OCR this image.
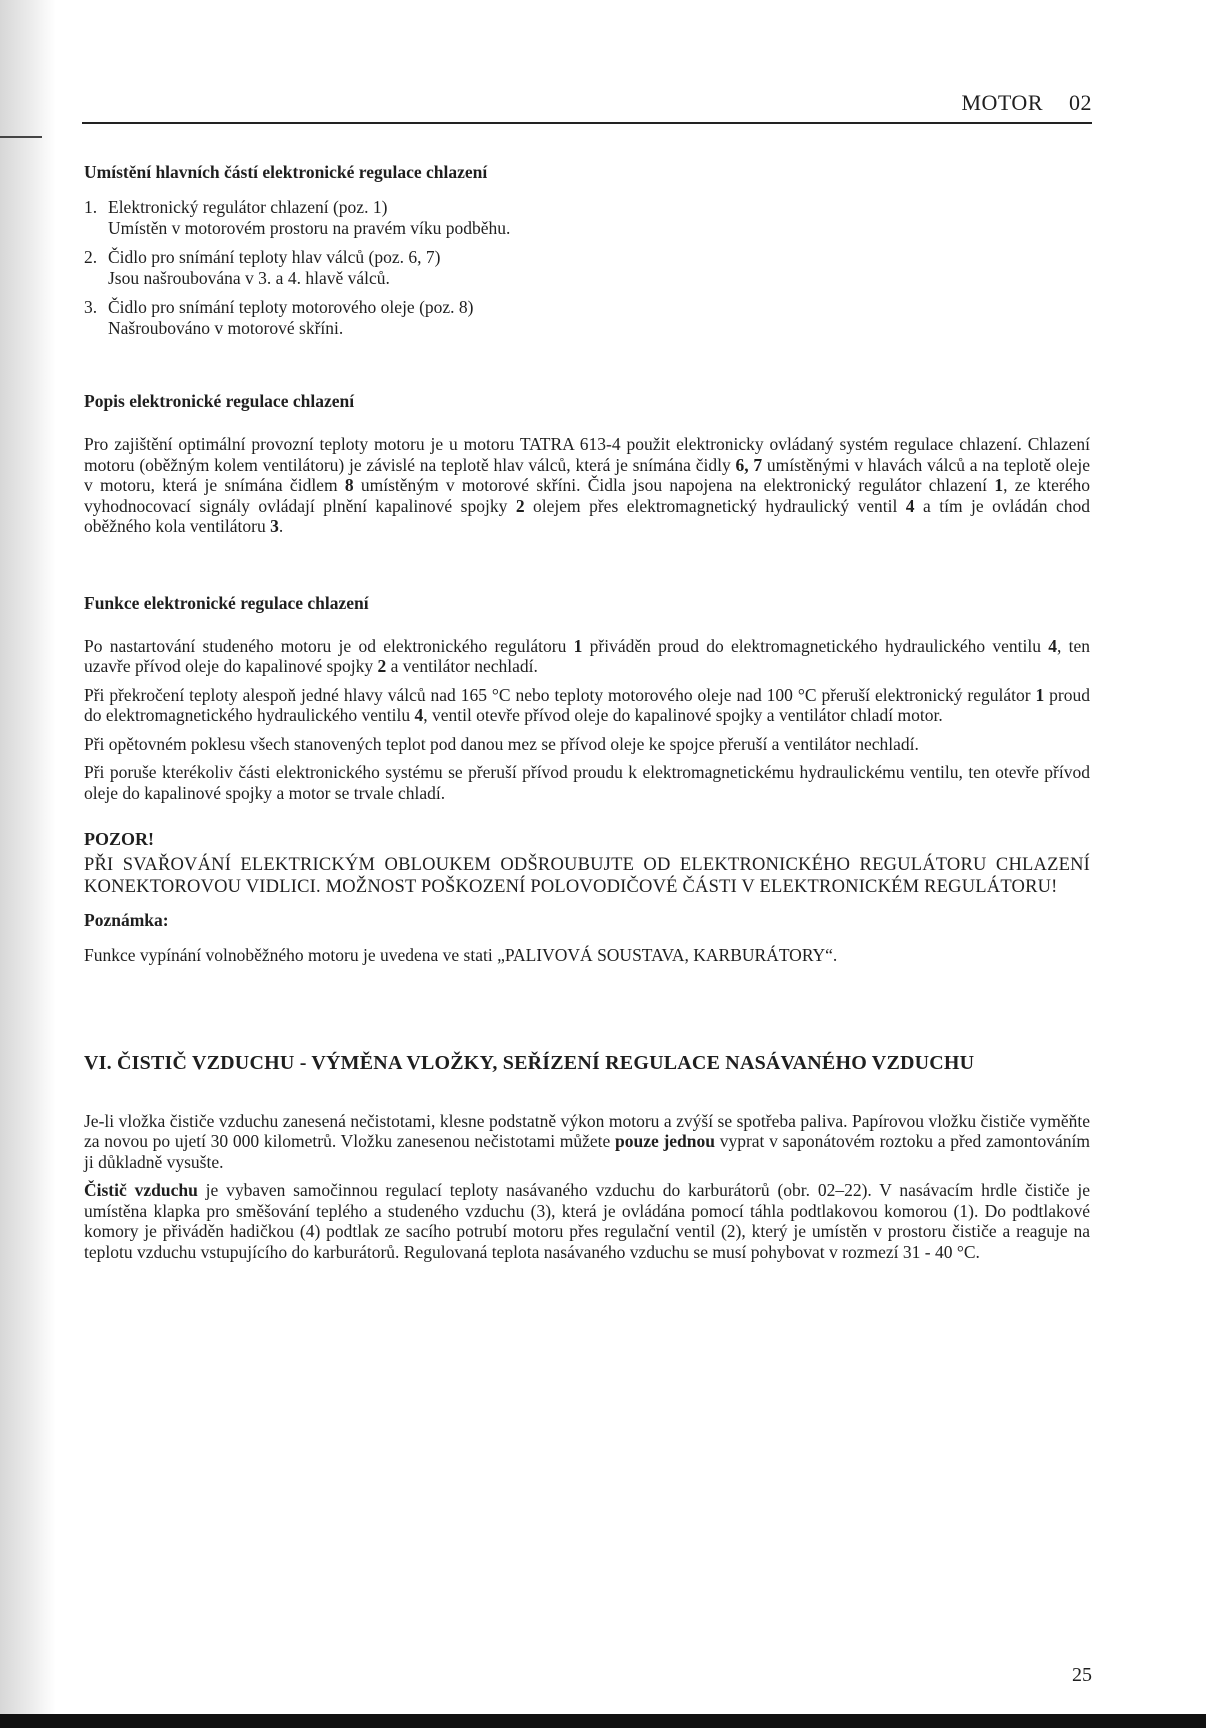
MOTOR 02
Umístění hlavních částí elektronické regulace chlazení
1. Elektronický regulátor chlazení (poz. 1)
Umístěn v motorovém prostoru na pravém víku podběhu.
2. Čidlo pro snímání teploty hlav válců (poz. 6, 7)
Jsou našroubována v 3. a 4. hlavě válců.
3. Čidlo pro snímání teploty motorového oleje (poz. 8)
Našroubováno v motorové skříni.
Popis elektronické regulace chlazení

Pro zajištění optimální provozní teploty motoru je u motoru TATRA 613-4 použit elektronicky ovládaný systém regulace chlazení. Chlazení motoru (oběžným kolem ventilátoru) je závislé na teplotě hlav válců, která je snímána čidly 6, 7 umístěnými v hlavách válců a na teplotě oleje v motoru, která je snímána čidlem 8 umístěným v motorové skříni. Čidla jsou napojena na elektronický regulátor chlazení 1, ze kterého vyhodnocovací signály ovládají plnění kapalinové spojky 2 olejem přes elektromagnetický hydraulický ventil 4 a tím je ovládán chod oběžného kola ventilátoru 3.

Funkce elektronické regulace chlazení

Po nastartování studeného motoru je od elektronického regulátoru 1 přiváděn proud do elektromagnetického hydraulického ventilu 4, ten uzavře přívod oleje do kapalinové spojky 2 a ventilátor nechladí.

Při překročení teploty alespoň jedné hlavy válců nad 165 °C nebo teploty motorového oleje nad 100 °C přeruší elektronický regulátor 1 proud do elektromagnetického hydraulického ventilu 4, ventil otevře přívod oleje do kapalinové spojky a ventilátor chladí motor.

Při opětovném poklesu všech stanovených teplot pod danou mez se přívod oleje ke spojce přeruší a ventilátor nechladí.

Při poruše kterékoliv části elektronického systému se přeruší přívod proudu k elektromagnetickému hydraulickému ventilu, ten otevře přívod oleje do kapalinové spojky a motor se trvale chladí.

POZOR!

PŘI SVAŘOVÁNÍ ELEKTRICKÝM OBLOUKEM ODŠROUBUJTE OD ELEKTRONICKÉHO REGULÁTORU CHLAZENÍ KONEKTOROVOU VIDLICI. MOŽNOST POŠKOZENÍ POLOVODIČOVÉ ČÁSTI V ELEKTRONICKÉM REGULÁTORU!

Poznámka:

Funkce vypínání volnoběžného motoru je uvedena ve stati „PALIVOVÁ SOUSTAVA, KARBURÁTORY“.

VI. ČISTIČ VZDUCHU - VÝMĚNA VLOŽKY, SEŘÍZENÍ REGULACE NASÁVANÉHO VZDUCHU

Je-li vložka čističe vzduchu zanesená nečistotami, klesne podstatně výkon motoru a zvýší se spotřeba paliva. Papírovou vložku čističe vyměňte za novou po ujetí 30 000 kilometrů. Vložku zanesenou nečistotami můžete pouze jednou vyprat v saponátovém roztoku a před zamontováním ji důkladně vysušte.

Čistič vzduchu je vybaven samočinnou regulací teploty nasávaného vzduchu do karburátorů (obr. 02–22). V nasávacím hrdle čističe je umístěna klapka pro směšování teplého a studeného vzduchu (3), která je ovládána pomocí táhla podtlakovou komorou (1). Do podtlakové komory je přiváděn hadičkou (4) podtlak ze sacího potrubí motoru přes regulační ventil (2), který je umístěn v prostoru čističe a reaguje na teplotu vzduchu vstupujícího do karburátorů. Regulovaná teplota nasávaného vzduchu se musí pohybovat v rozmezí 31 - 40 °C.

25
